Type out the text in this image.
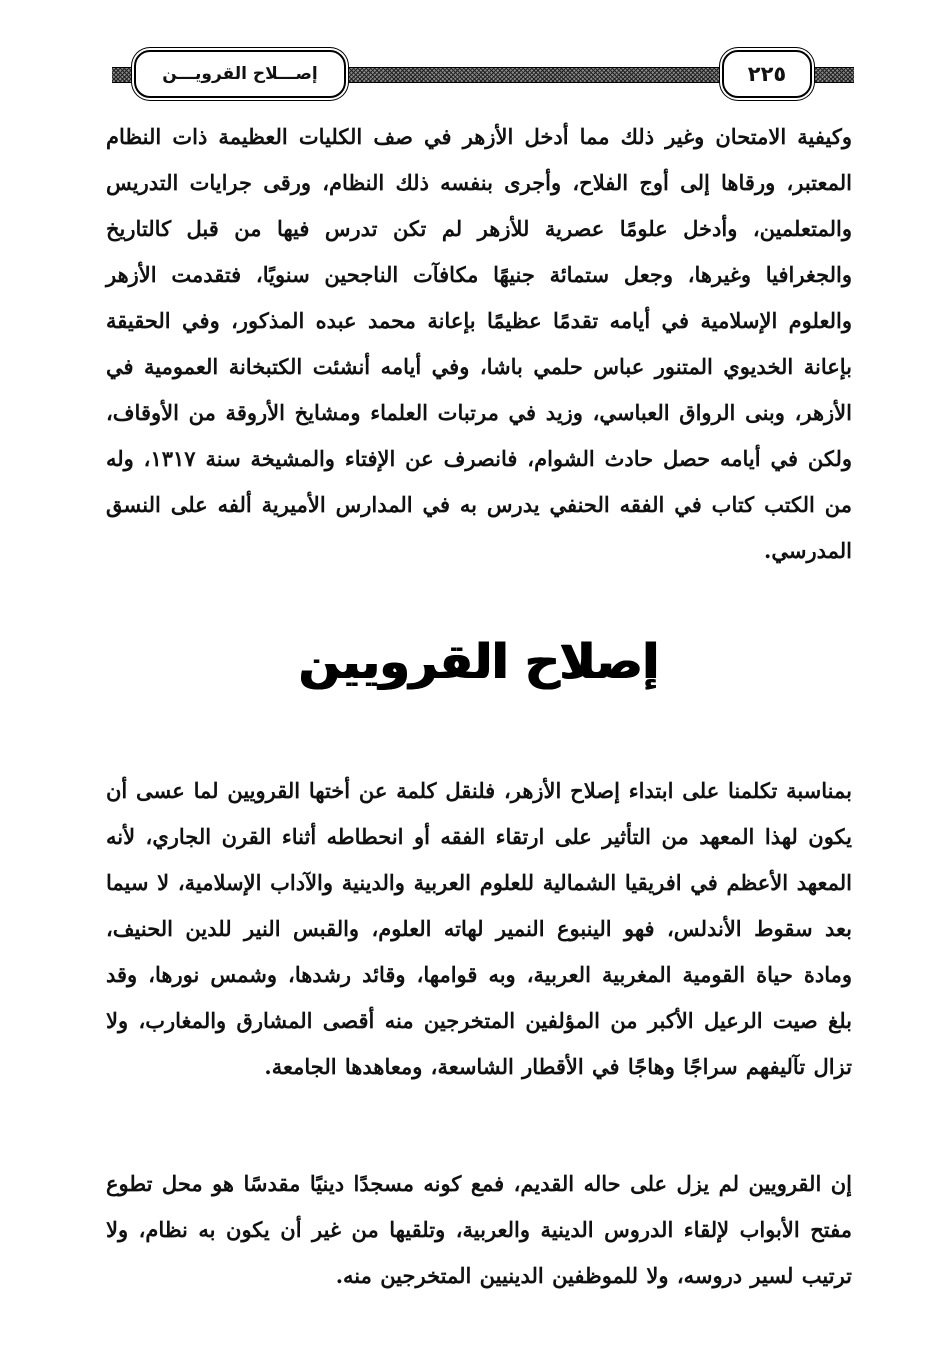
إصـــلاح القرويـــن	٢٢٥

وكيفية الامتحان وغير ذلك مما أدخل الأزهر في صف الكليات العظيمة ذات النظام المعتبر، ورقاها إلى أوج الفلاح، وأجرى بنفسه ذلك النظام، ورقى جرايات التدريس والمتعلمين، وأدخل علومًا عصرية للأزهر لم تكن تدرس فيها من قبل كالتاريخ والجغرافيا وغيرها، وجعل ستمائة جنيهًا مكافآت الناجحين سنويًا، فتقدمت الأزهر والعلوم الإسلامية في أيامه تقدمًا عظيمًا بإعانة محمد عبده المذكور، وفي الحقيقة بإعانة الخديوي المتنور عباس حلمي باشا، وفي أيامه أنشئت الكتبخانة العمومية في الأزهر، وبنى الرواق العباسي، وزيد في مرتبات العلماء ومشايخ الأروقة من الأوقاف، ولكن في أيامه حصل حادث الشوام، فانصرف عن الإفتاء والمشيخة سنة ١٣١٧، وله من الكتب كتاب في الفقه الحنفي يدرس به في المدارس الأميرية ألفه على النسق المدرسي.

إصلاح القرويين

بمناسبة تكلمنا على ابتداء إصلاح الأزهر، فلنقل كلمة عن أختها القرويين لما عسى أن يكون لهذا المعهد من التأثير على ارتقاء الفقه أو انحطاطه أثناء القرن الجاري، لأنه المعهد الأعظم في افريقيا الشمالية للعلوم العربية والدينية والآداب الإسلامية، لا سيما بعد سقوط الأندلس، فهو الينبوع النمير لهاته العلوم، والقبس النير للدين الحنيف، ومادة حياة القومية المغربية العربية، وبه قوامها، وقائد رشدها، وشمس نورها، وقد بلغ صيت الرعيل الأكبر من المؤلفين المتخرجين منه أقصى المشارق والمغارب، ولا تزال تآليفهم سراجًا وهاجًا في الأقطار الشاسعة، ومعاهدها الجامعة.

إن القرويين لم يزل على حاله القديم، فمع كونه مسجدًا دينيًا مقدسًا هو محل تطوع مفتح الأبواب لإلقاء الدروس الدينية والعربية، وتلقيها من غير أن يكون به نظام، ولا ترتيب لسير دروسه، ولا للموظفين الدينيين المتخرجين منه.
